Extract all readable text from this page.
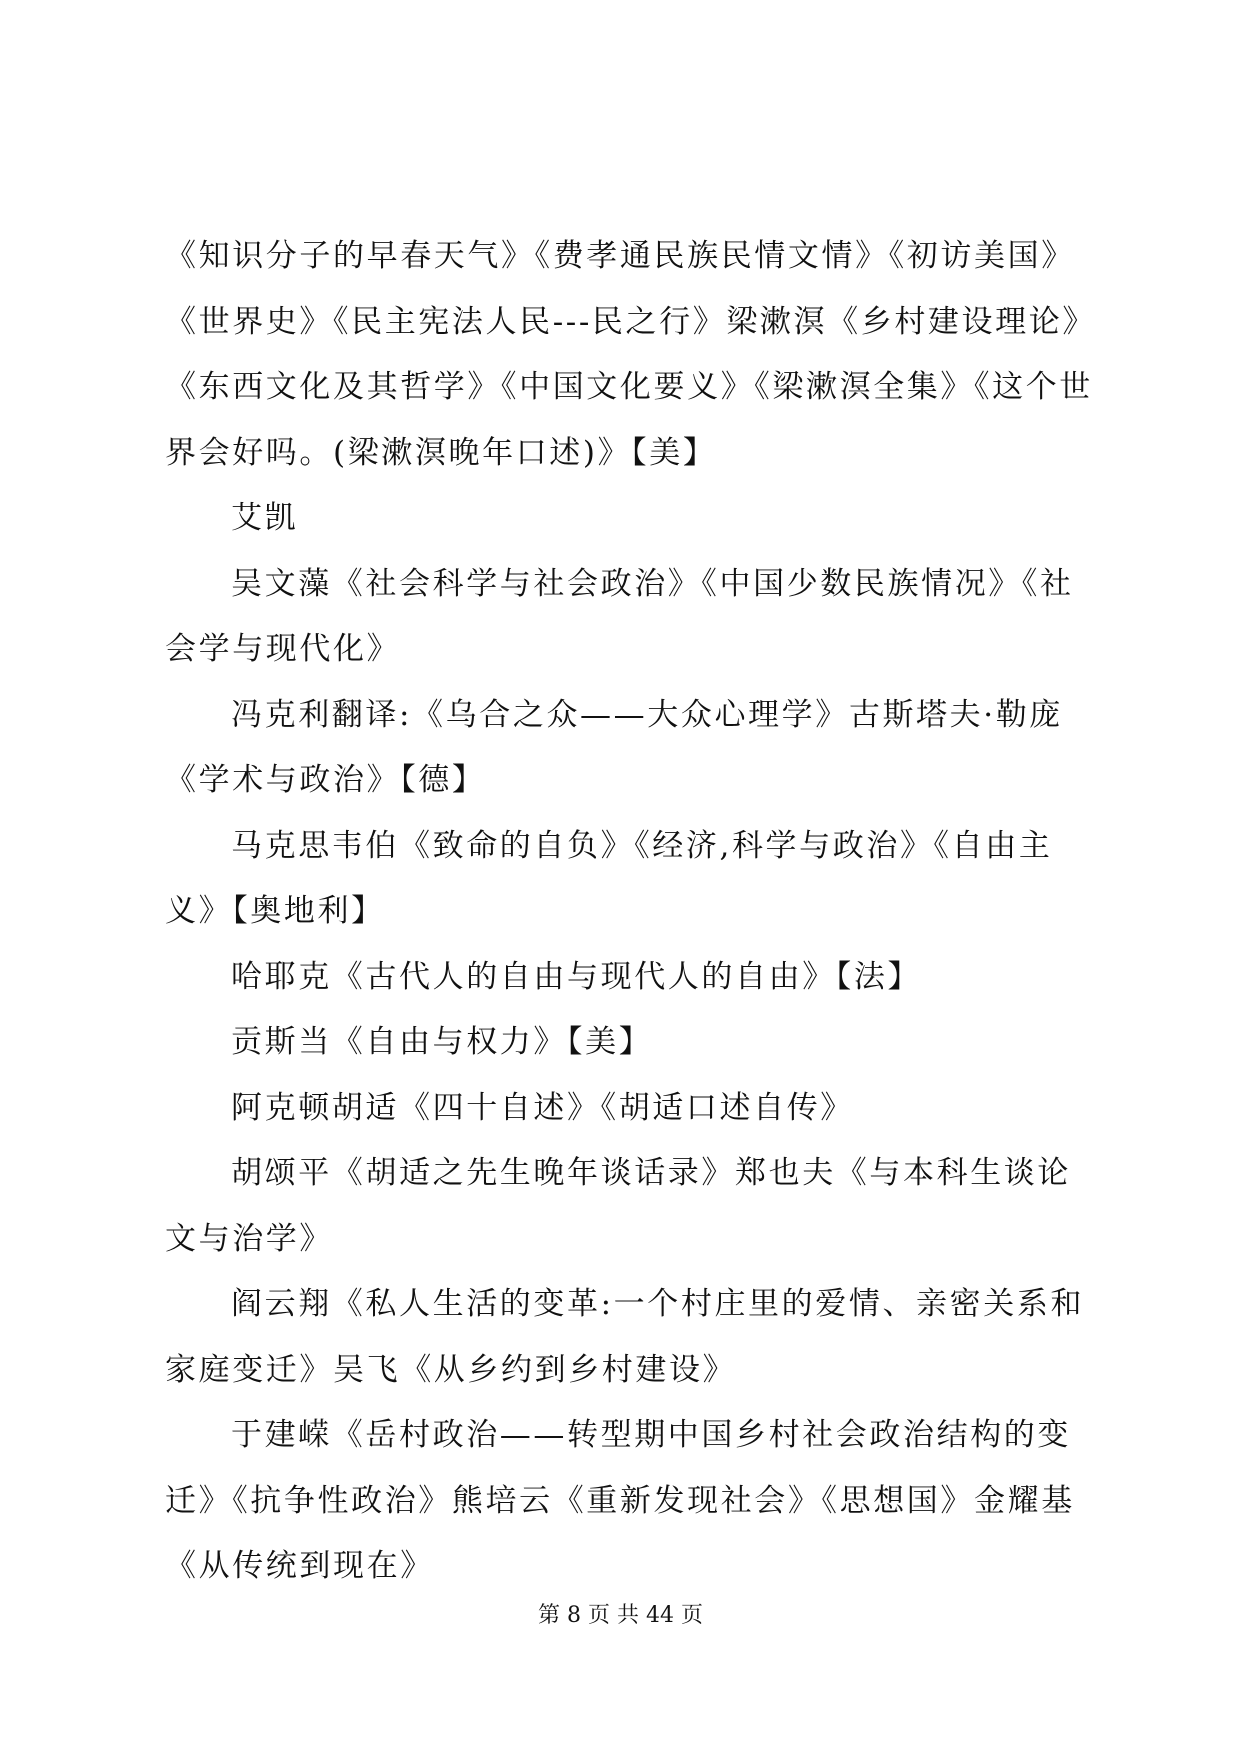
《知识分子的早春天气》《费孝通民族民情文情》《初访美国》《世界史》《民主宪法人民---民之行》梁漱溟《乡村建设理论》《东西文化及其哲学》《中国文化要义》《梁漱溟全集》《这个世界会好吗。(梁漱溟晚年口述)》【美】

艾凯

吴文藻《社会科学与社会政治》《中国少数民族情况》《社会学与现代化》

冯克利翻译:《乌合之众——大众心理学》古斯塔夫·勒庞《学术与政治》【德】

马克思韦伯《致命的自负》《经济,科学与政治》《自由主义》【奥地利】

哈耶克《古代人的自由与现代人的自由》【法】

贡斯当《自由与权力》【美】

阿克顿胡适《四十自述》《胡适口述自传》

胡颂平《胡适之先生晚年谈话录》郑也夫《与本科生谈论文与治学》

阎云翔《私人生活的变革:一个村庄里的爱情、亲密关系和家庭变迁》吴飞《从乡约到乡村建设》

于建嵘《岳村政治——转型期中国乡村社会政治结构的变迁》《抗争性政治》熊培云《重新发现社会》《思想国》金耀基《从传统到现在》

第 8 页 共 44 页
